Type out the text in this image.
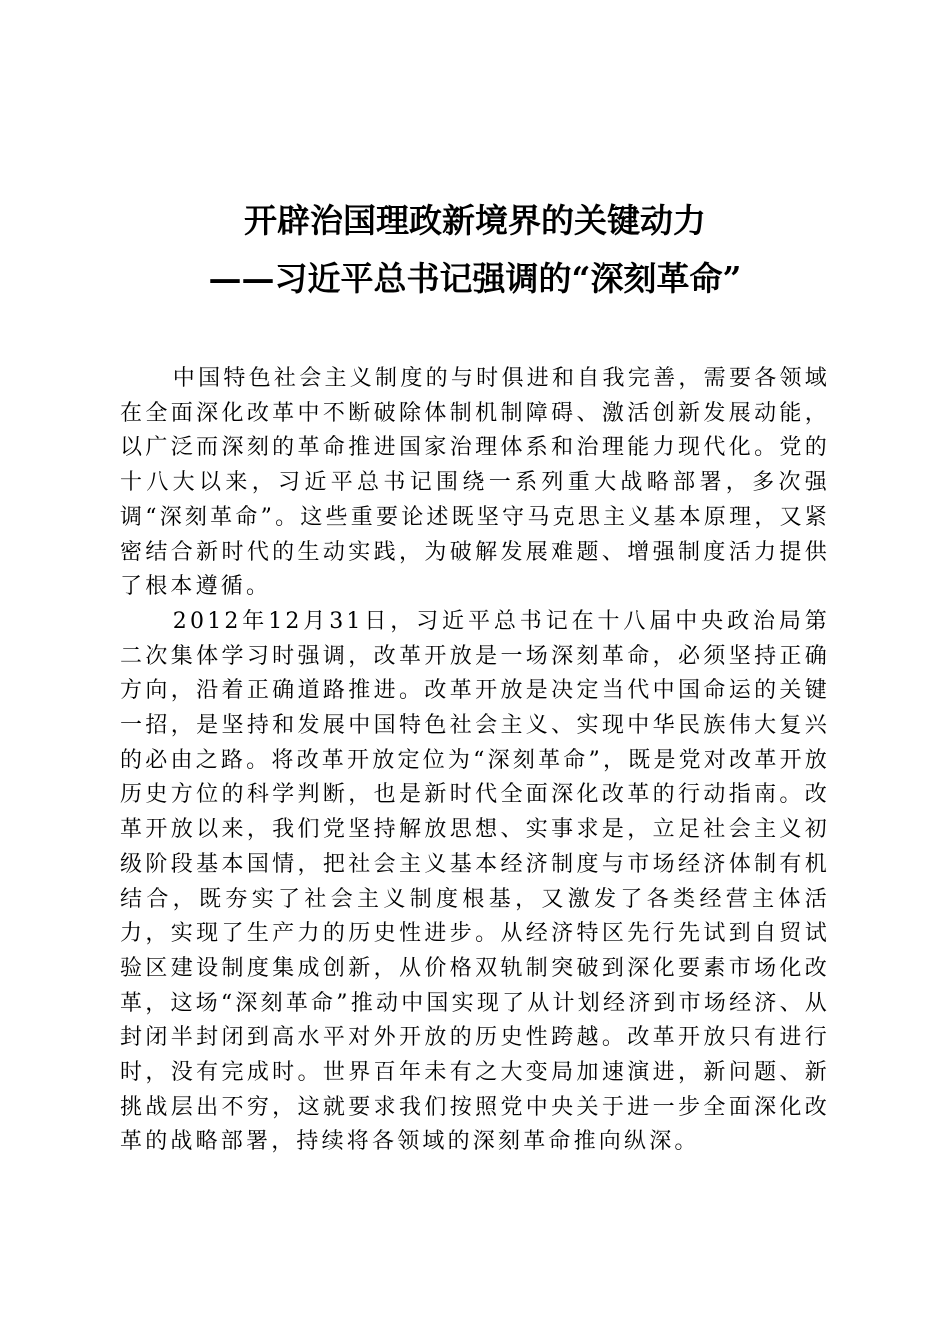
开辟治国理政新境界的关键动力
——习近平总书记强调的“深刻革命”

中国特色社会主义制度的与时俱进和自我完善，需要各领域在全面深化改革中不断破除体制机制障碍、激活创新发展动能，以广泛而深刻的革命推进国家治理体系和治理能力现代化。党的十八大以来，习近平总书记围绕一系列重大战略部署，多次强调“深刻革命”。这些重要论述既坚守马克思主义基本原理，又紧密结合新时代的生动实践，为破解发展难题、增强制度活力提供了根本遵循。

2012年12月31日，习近平总书记在十八届中央政治局第二次集体学习时强调，改革开放是一场深刻革命，必须坚持正确方向，沿着正确道路推进。改革开放是决定当代中国命运的关键一招，是坚持和发展中国特色社会主义、实现中华民族伟大复兴的必由之路。将改革开放定位为“深刻革命”，既是党对改革开放历史方位的科学判断，也是新时代全面深化改革的行动指南。改革开放以来，我们党坚持解放思想、实事求是，立足社会主义初级阶段基本国情，把社会主义基本经济制度与市场经济体制有机结合，既夯实了社会主义制度根基，又激发了各类经营主体活力，实现了生产力的历史性进步。从经济特区先行先试到自贸试验区建设制度集成创新，从价格双轨制突破到深化要素市场化改革，这场“深刻革命”推动中国实现了从计划经济到市场经济、从封闭半封闭到高水平对外开放的历史性跨越。改革开放只有进行时，没有完成时。世界百年未有之大变局加速演进，新问题、新挑战层出不穷，这就要求我们按照党中央关于进一步全面深化改革的战略部署，持续将各领域的深刻革命推向纵深。
